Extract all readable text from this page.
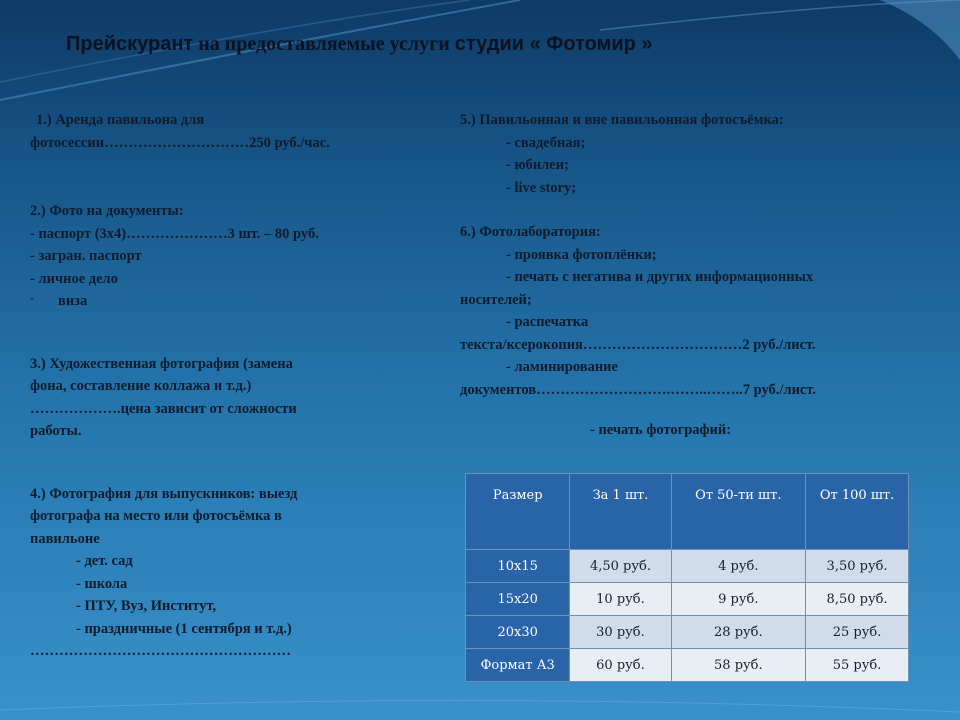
Прейскурант на предоставляемые услуги студии « Фотомир »
1.) Аренда павильона для
фотосессии…………………………250 руб./час.
2.) Фото на документы:
- паспорт (3х4)…………………3 шт. – 80 руб.
- загран. паспорт
- личное дело
-	виза
3.) Художественная фотография (замена
фона, составление коллажа и т.д.)
……………….цена зависит от сложности
работы.
4.) Фотография для выпускников: выезд
фотографа на место или фотосъёмка в
павильоне
- дет. сад
- школа
- ПТУ, Вуз, Институт,
- праздничные (1 сентября и т.д.)
………………………………………………
5.) Павильонная и вне павильонная фотосъёмка:
- свадебная;
- юбилеи;
- live story;
6.) Фотолаборатория:
- проявка фотоплёнки;
- печать с негатива и других информационных
носителей;
- распечатка
текста/ксерокопия……………………………2 руб./лист.
- ламинирование
документов……………………….……..……..7 руб./лист.
- печать фотографий:
Размер	За 1 шт.	От 50-ти шт.	От 100 шт.
10х15	4,50 руб.	4 руб.	3,50 руб.
15х20	10 руб.	9 руб.	8,50 руб.
20х30	30 руб.	28 руб.	25 руб.
Формат А3	60 руб.	58 руб.	55 руб.
